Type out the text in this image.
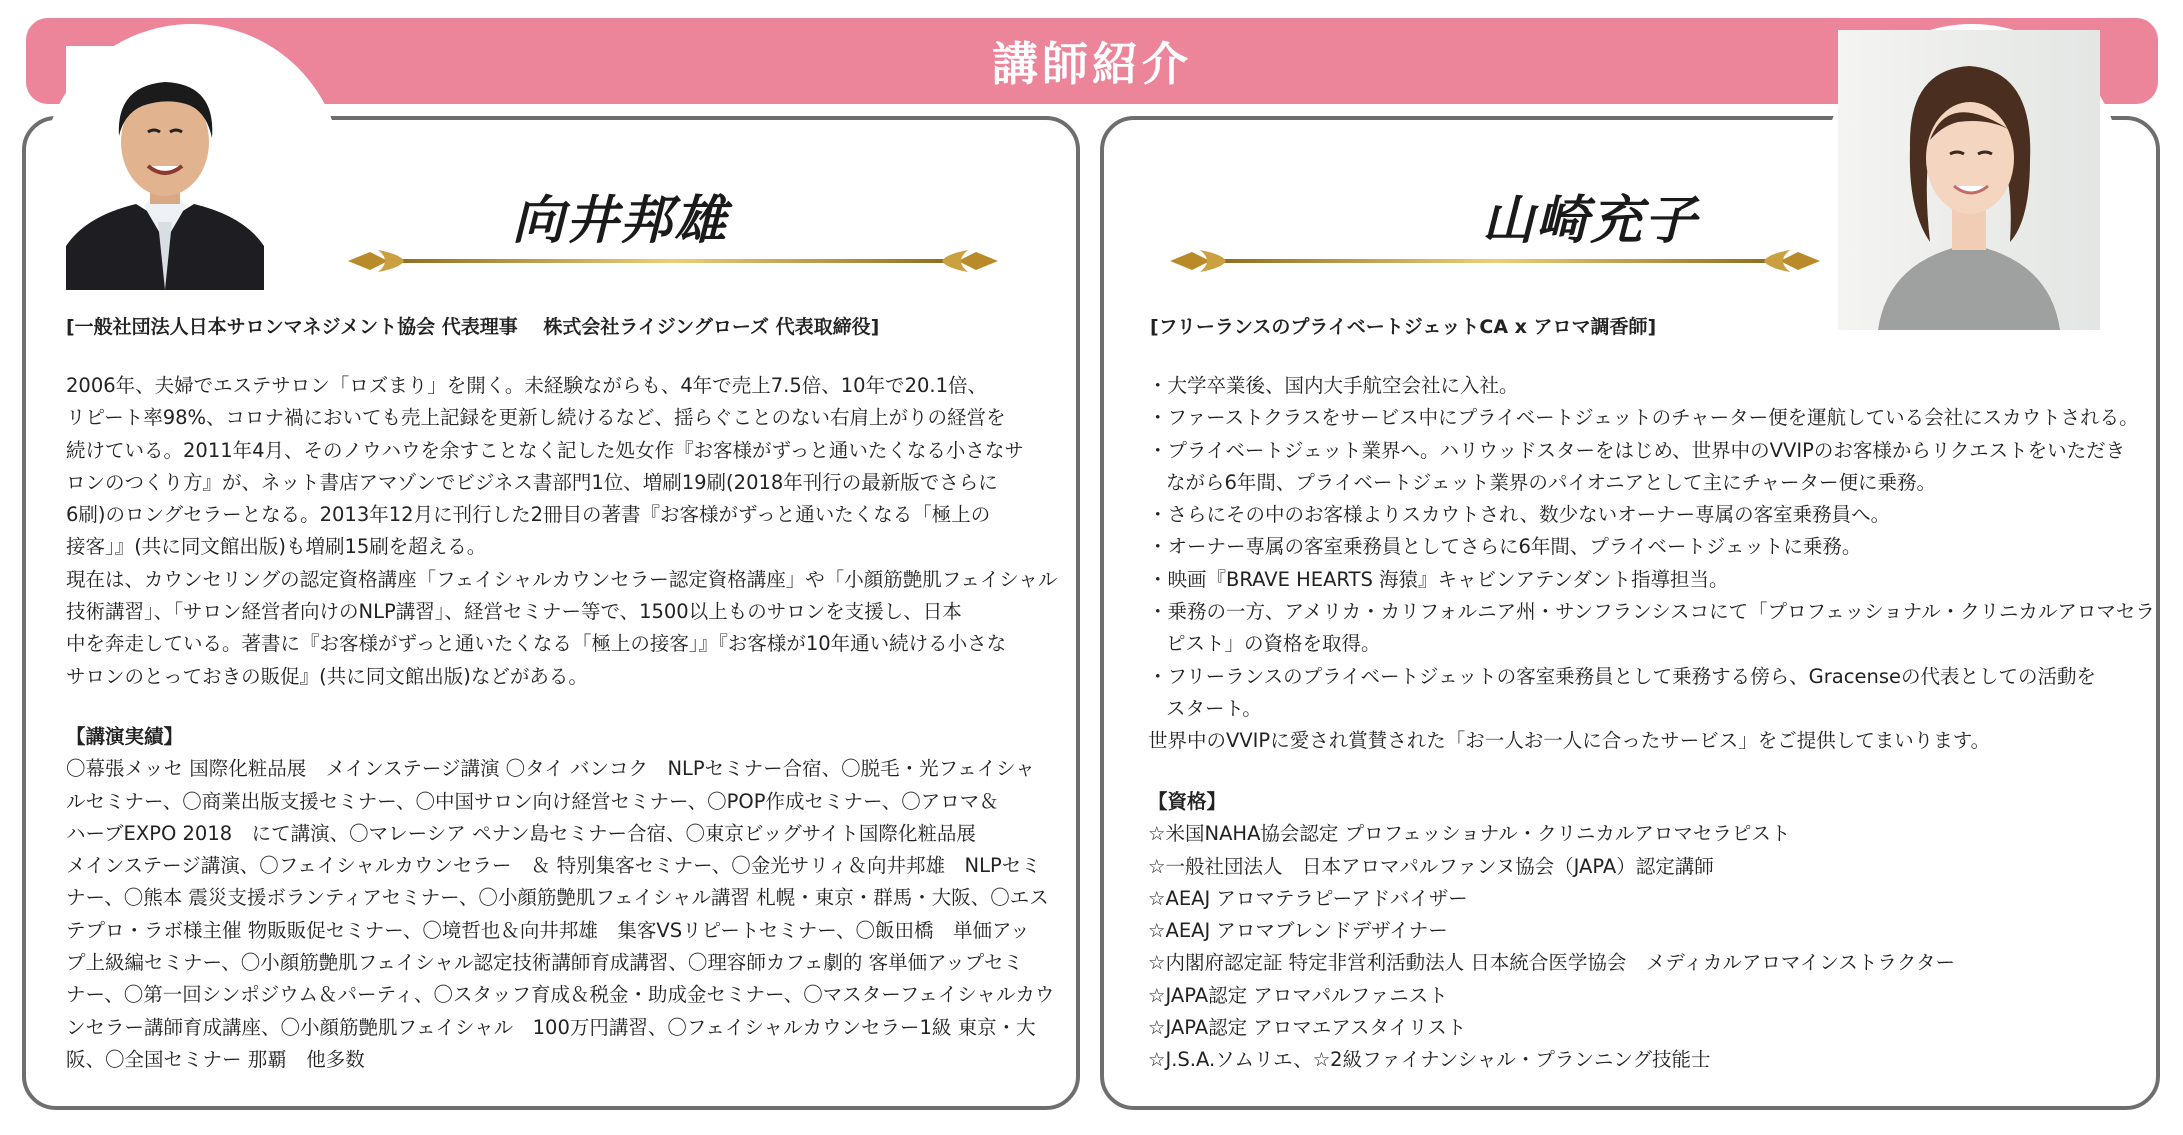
講師紹介
向井邦雄	山崎充子
[一般社団法人日本サロンマネジメント協会 代表理事　 株式会社ライジングローズ 代表取締役]	[フリーランスのプライベートジェットCA x アロマ調香師]
2006年、夫婦でエステサロン「ロズまり」を開く。未経験ながらも、4年で売上7.5倍、10年で20.1倍、
リピート率98%、コロナ禍においても売上記録を更新し続けるなど、揺らぐことのない右肩上がりの経営を
続けている。2011年4月、そのノウハウを余すことなく記した処女作『お客様がずっと通いたくなる小さなサ
ロンのつくり方』が、ネット書店アマゾンでビジネス書部門1位、増刷19刷(2018年刊行の最新版でさらに
6刷)のロングセラーとなる。2013年12月に刊行した2冊目の著書『お客様がずっと通いたくなる「極上の
接客」』(共に同文館出版)も増刷15刷を超える。
現在は、カウンセリングの認定資格講座「フェイシャルカウンセラー認定資格講座」や「小顔筋艶肌フェイシャル
技術講習」、「サロン経営者向けのNLP講習」、経営セミナー等で、1500以上ものサロンを支援し、日本
中を奔走している。著書に『お客様がずっと通いたくなる「極上の接客」』『お客様が10年通い続ける小さな
サロンのとっておきの販促』(共に同文館出版)などがある。
【講演実績】
〇幕張メッセ 国際化粧品展　メインステージ講演 〇タイ バンコク　NLPセミナー合宿、〇脱毛・光フェイシャ
ルセミナー、〇商業出版支援セミナー、〇中国サロン向け経営セミナー、〇POP作成セミナー、〇アロマ＆
ハーブEXPO 2018　にて講演、〇マレーシア ペナン島セミナー合宿、〇東京ビッグサイト国際化粧品展
メインステージ講演、〇フェイシャルカウンセラー　＆ 特別集客セミナー、〇金光サリィ＆向井邦雄　NLPセミ
ナー、〇熊本 震災支援ボランティアセミナー、〇小顔筋艶肌フェイシャル講習 札幌・東京・群馬・大阪、〇エス
テプロ・ラボ様主催 物販販促セミナー、〇境哲也＆向井邦雄　集客VSリピートセミナー、〇飯田橋　単価アッ
プ上級編セミナー、〇小顔筋艶肌フェイシャル認定技術講師育成講習、〇理容師カフェ劇的 客単価アップセミ
ナー、〇第一回シンポジウム＆パーティ、〇スタッフ育成＆税金・助成金セミナー、〇マスターフェイシャルカウ
ンセラー講師育成講座、〇小顔筋艶肌フェイシャル　100万円講習、〇フェイシャルカウンセラー1級 東京・大
阪、〇全国セミナー 那覇　他多数
・大学卒業後、国内大手航空会社に入社。
・ファーストクラスをサービス中にプライベートジェットのチャーター便を運航している会社にスカウトされる。
・プライベートジェット業界へ。ハリウッドスターをはじめ、世界中のVVIPのお客様からリクエストをいただき
ながら6年間、プライベートジェット業界のパイオニアとして主にチャーター便に乗務。
・さらにその中のお客様よりスカウトされ、数少ないオーナー専属の客室乗務員へ。
・オーナー専属の客室乗務員としてさらに6年間、プライベートジェットに乗務。
・映画『BRAVE HEARTS 海猿』キャビンアテンダント指導担当。
・乗務の一方、アメリカ・カリフォルニア州・サンフランシスコにて「プロフェッショナル・クリニカルアロマセラ
ピスト」の資格を取得。
・フリーランスのプライベートジェットの客室乗務員として乗務する傍ら、Gracenseの代表としての活動を
スタート。
世界中のVVIPに愛され賞賛された「お一人お一人に合ったサービス」をご提供してまいります。
【資格】
☆米国NAHA協会認定 プロフェッショナル・クリニカルアロマセラピスト
☆一般社団法人　日本アロマパルファンヌ協会（JAPA）認定講師
☆AEAJ アロマテラピーアドバイザー
☆AEAJ アロマブレンドデザイナー
☆内閣府認定証 特定非営利活動法人 日本統合医学協会　メディカルアロマインストラクター
☆JAPA認定 アロマパルファニスト
☆JAPA認定 アロマエアスタイリスト
☆J.S.A.ソムリエ、☆2級ファイナンシャル・プランニング技能士
